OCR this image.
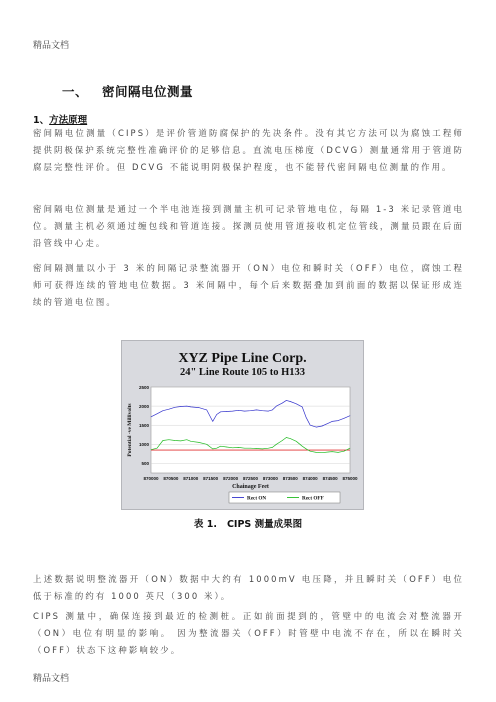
精品文档
一、 密间隔电位测量
1、方法原理

密间隔电位测量（CIPS）是评价管道防腐保护的先决条件。没有其它方法可以为腐蚀工程师提供阴极保护系统完整性准确评价的足够信息。直流电压梯度（DCVG）测量通常用于管道防腐层完整性评价。但 DCVG 不能说明阴极保护程度，也不能替代密间隔电位测量的作用。

密间隔电位测量是通过一个半电池连接到测量主机可记录管地电位，每隔 1-3 米记录管道电位。测量主机必须通过缠包线和管道连接。探测员使用管道接收机定位管线，测量员跟在后面沿管线中心走。

密间隔测量以小于 3 米的间隔记录整流器开（ON）电位和瞬时关（OFF）电位，腐蚀工程师可获得连续的管地电位数据。3 米间隔中，每个后来数据叠加到前面的数据以保证形成连续的管道电位图。

XYZ Pipe Line Corp.
24" Line Route 105 to H133
2500
2000
1500
1000
500
870000 870500 871000 871500 872000 872500 873000 873500 874000 874500 875000
Potential -ve Millivolts
Chainage Feet
Rect ON	Rect OFF
表 1. CIPS 测量成果图

上述数据说明整流器开（ON）数据中大约有 1000mV 电压降，并且瞬时关（OFF）电位低于标准的约有 1000 英尺（300 米）。

CIPS 测量中，确保连接到最近的检测桩。正如前面提到的，管壁中的电流会对整流器开（ON）电位有明显的影响。 因为整流器关（OFF）时管壁中电流不存在，所以在瞬时关（OFF）状态下这种影响较少。

精品文档
